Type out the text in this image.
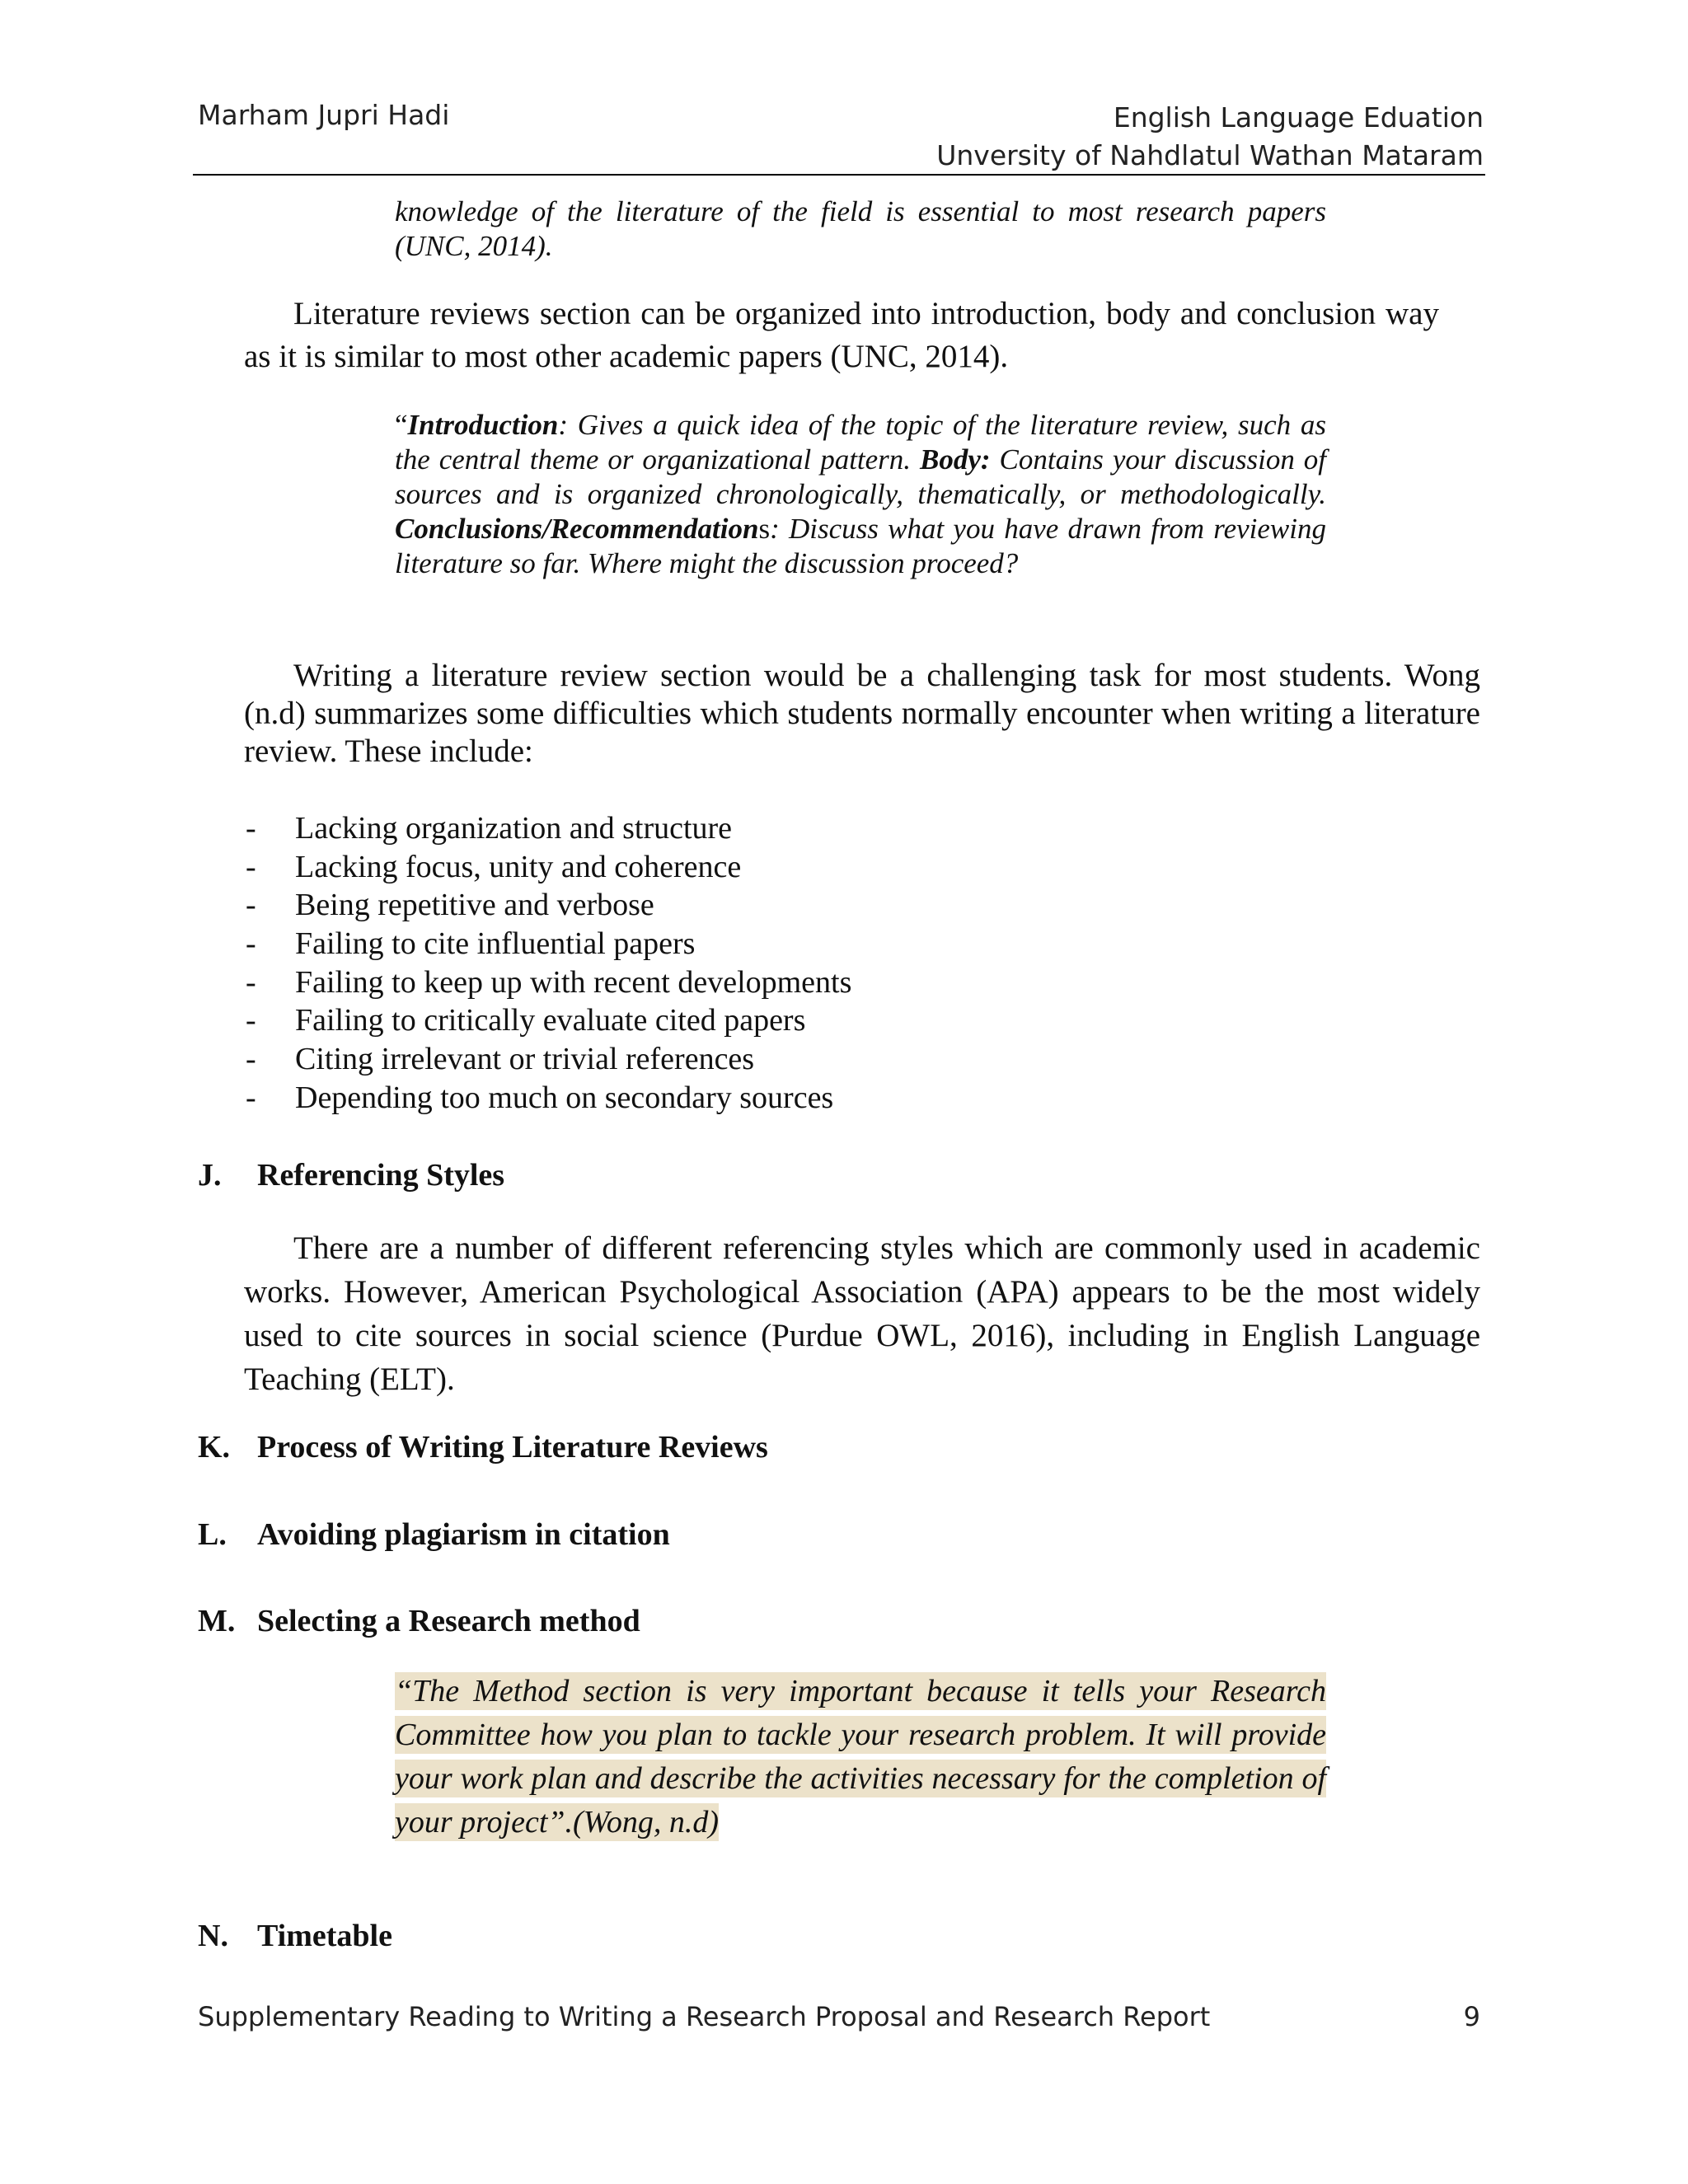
Marham Jupri Hadi	English Language Eduation
Unversity of Nahdlatul Wathan Mataram
knowledge of the literature of the field is essential to most research papers
(UNC, 2014).
Literature reviews section can be organized into introduction, body and conclusion way as it is similar to most other academic papers (UNC, 2014).
“Introduction: Gives a quick idea of the topic of the literature review, such as the central theme or organizational pattern. Body: Contains your discussion of sources and is organized chronologically, thematically, or methodologically. Conclusions/Recommendations: Discuss what you have drawn from reviewing literature so far. Where might the discussion proceed?
Writing a literature review section would be a challenging task for most students. Wong (n.d) summarizes some difficulties which students normally encounter when writing a literature review. These include:
- Lacking organization and structure
- Lacking focus, unity and coherence
- Being repetitive and verbose
- Failing to cite influential papers
- Failing to keep up with recent developments
- Failing to critically evaluate cited papers
- Citing irrelevant or trivial references
- Depending too much on secondary sources
J. Referencing Styles
There are a number of different referencing styles which are commonly used in academic works. However, American Psychological Association (APA) appears to be the most widely used to cite sources in social science (Purdue OWL, 2016), including in English Language Teaching (ELT).
K. Process of Writing Literature Reviews
L. Avoiding plagiarism in citation
M. Selecting a Research method
“The Method section is very important because it tells your Research Committee how you plan to tackle your research problem. It will provide your work plan and describe the activities necessary for the completion of your project”.(Wong, n.d)
N. Timetable
Supplementary Reading to Writing a Research Proposal and Research Report	9
